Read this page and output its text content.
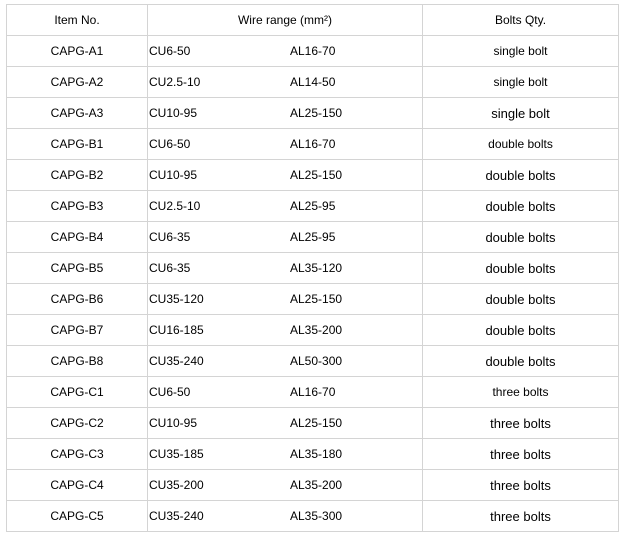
Item No.	Wire range (mm²)	Bolts Qty.
CAPG-A1	CU6-50 AL16-70	single bolt
CAPG-A2	CU2.5-10 AL14-50	single bolt
CAPG-A3	CU10-95 AL25-150	single bolt
CAPG-B1	CU6-50 AL16-70	double bolts
CAPG-B2	CU10-95 AL25-150	double bolts
CAPG-B3	CU2.5-10 AL25-95	double bolts
CAPG-B4	CU6-35 AL25-95	double bolts
CAPG-B5	CU6-35 AL35-120	double bolts
CAPG-B6	CU35-120 AL25-150	double bolts
CAPG-B7	CU16-185 AL35-200	double bolts
CAPG-B8	CU35-240 AL50-300	double bolts
CAPG-C1	CU6-50 AL16-70	three bolts
CAPG-C2	CU10-95 AL25-150	three bolts
CAPG-C3	CU35-185 AL35-180	three bolts
CAPG-C4	CU35-200 AL35-200	three bolts
CAPG-C5	CU35-240 AL35-300	three bolts
